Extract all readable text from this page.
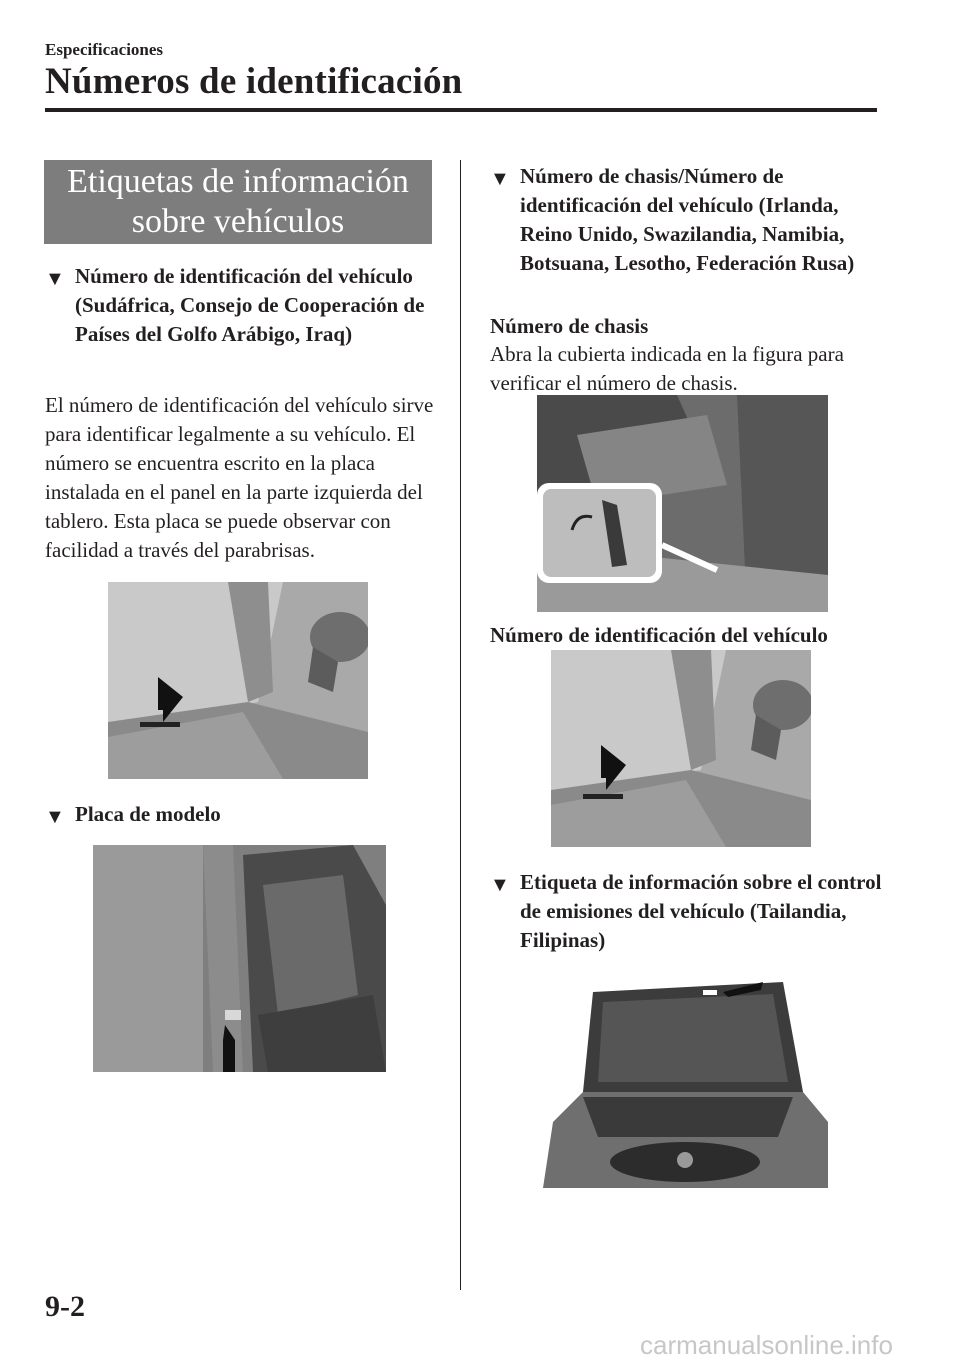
Especificaciones
Números de identificación
Etiquetas de información
sobre vehículos
▼ Número de identificación del vehículo (Sudáfrica, Consejo de Cooperación de Países del Golfo Arábigo, Iraq)
El número de identificación del vehículo sirve para identificar legalmente a su vehículo. El número se encuentra escrito en la placa instalada en el panel en la parte izquierda del tablero. Esta placa se puede observar con facilidad a través del parabrisas.
▼ Placa de modelo
▼ Número de chasis/Número de identificación del vehículo (Irlanda, Reino Unido, Swazilandia, Namibia, Botsuana, Lesotho, Federación Rusa)
Número de chasis
Abra la cubierta indicada en la figura para verificar el número de chasis.
Número de identificación del vehículo
▼ Etiqueta de información sobre el control de emisiones del vehículo (Tailandia, Filipinas)
9-2
carmanualsonline.info
